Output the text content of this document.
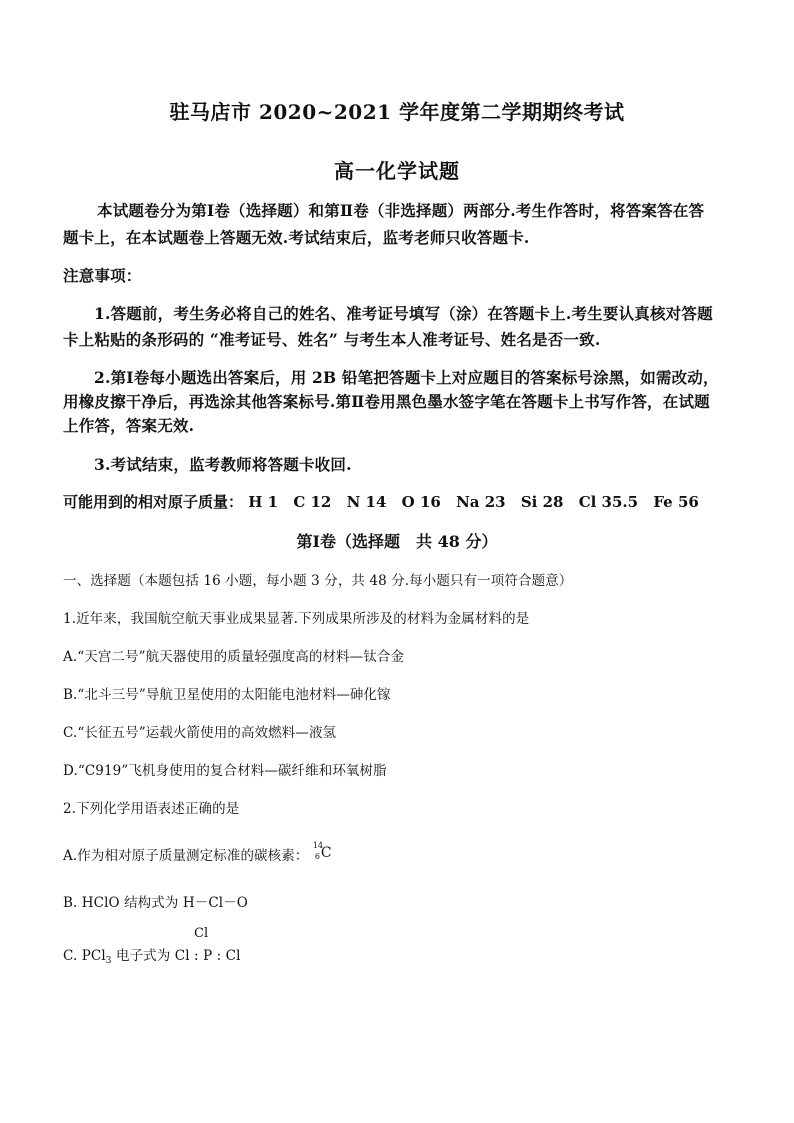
驻马店市 2020~2021 学年度第二学期期终考试
高一化学试题
本试题卷分为第Ⅰ卷（选择题）和第Ⅱ卷（非选择题）两部分.考生作答时，将答案答在答
题卡上，在本试题卷上答题无效.考试结束后，监考老师只收答题卡.
注意事项：
1.答题前，考生务必将自己的姓名、准考证号填写（涂）在答题卡上.考生要认真核对答题
卡上粘贴的条形码的 “准考证号、姓名” 与考生本人准考证号、姓名是否一致.
2.第Ⅰ卷每小题选出答案后，用 2B 铅笔把答题卡上对应题目的答案标号涂黑，如需改动，
用橡皮擦干净后，再选涂其他答案标号.第Ⅱ卷用黑色墨水签字笔在答题卡上书写作答，在试题
上作答，答案无效.
3.考试结束，监考教师将答题卡收回.
可能用到的相对原子质量： H 1 C 12 N 14 O 16 Na 23 Si 28 Cl 35.5 Fe 56
第Ⅰ卷（选择题　共 48 分）
一、选择题（本题包括 16 小题，每小题 3 分，共 48 分.每小题只有一项符合题意）
1.近年来，我国航空航天事业成果显著.下列成果所涉及的材料为金属材料的是
A.“天宫二号”航天器使用的质量轻强度高的材料—钛合金
B.“北斗三号”导航卫星使用的太阳能电池材料—砷化镓
C.“长征五号”运载火箭使用的高效燃料—液氢
D.“C919”飞机身使用的复合材料—碳纤维和环氧树脂
2.下列化学用语表述正确的是
A.作为相对原子质量测定标准的碳核素：
14
6 C
B. HClO 结构式为 H－Cl－O
C. PCl$_3$ 电子式为 Cl : P : Cl
Cl
